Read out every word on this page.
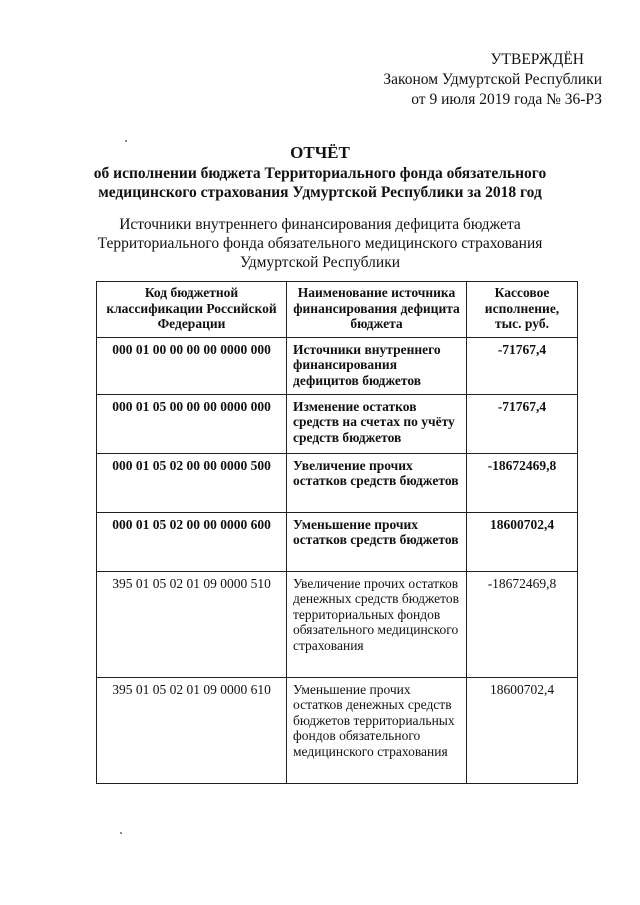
УТВЕРЖДЁН
Законом Удмуртской Республики
от 9 июля 2019 года № 36-РЗ
ОТЧЁТ
об исполнении бюджета Территориального фонда обязательного
медицинского страхования Удмуртской Республики за 2018 год
Источники внутреннего финансирования дефицита бюджета
Территориального фонда обязательного медицинского страхования
Удмуртской Республики
Код бюджетной классификации Российской Федерации	Наименование источника финансирования дефицита бюджета	Кассовое исполнение, тыс. руб.
000 01 00 00 00 00 0000 000	Источники внутреннего финансирования дефицитов бюджетов	-71767,4
000 01 05 00 00 00 0000 000	Изменение остатков средств на счетах по учёту средств бюджетов	-71767,4
000 01 05 02 00 00 0000 500	Увеличение прочих остатков средств бюджетов	-18672469,8
000 01 05 02 00 00 0000 600	Уменьшение прочих остатков средств бюджетов	18600702,4
395 01 05 02 01 09 0000 510	Увеличение прочих остатков денежных средств бюджетов территориальных фондов обязательного медицинского страхования	-18672469,8
395 01 05 02 01 09 0000 610	Уменьшение прочих остатков денежных средств бюджетов территориальных фондов обязательного медицинского страхования	18600702,4
